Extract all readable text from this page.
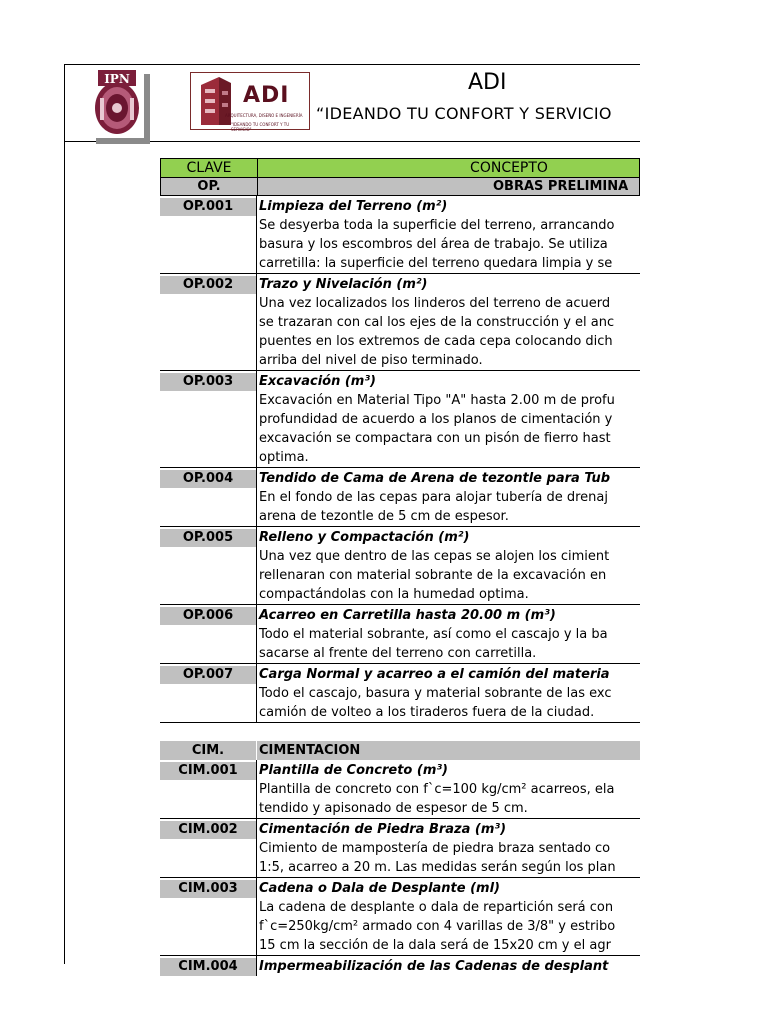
IPN
ADI
ARQUITECTURA, DISEÑO E INGENIERÍA
"IDEANDO TU CONFORT Y TU SERVICIO"
ADI
“IDEANDO TU CONFORT Y SERVICIO
CLAVE	CONCEPTO
OP.	OBRAS PRELIMINA
OP.001	Limpieza del Terreno (m²)
Se desyerba toda la superficie del terreno, arrancando
basura y los escombros del área de trabajo. Se utiliza
carretilla: la superficie del terreno quedara limpia y se
OP.002	Trazo y Nivelación (m²)
Una vez localizados los linderos del terreno de acuerd
se trazaran con cal los ejes de la construcción y el anc
puentes en los extremos de cada cepa colocando dich
arriba del nivel de piso terminado.
OP.003	Excavación (m³)
Excavación en Material Tipo "A" hasta 2.00 m de profu
profundidad de acuerdo a los planos de cimentación y
excavación se compactara con un pisón de fierro hast
optima.
OP.004	Tendido de Cama de Arena de tezontle para Tub
En el fondo de las cepas para alojar tubería de drenaj
arena de tezontle de 5 cm de espesor.
OP.005	Relleno y Compactación (m²)
Una vez que dentro de las cepas se alojen los cimient
rellenaran con material sobrante de la excavación en
compactándolas con la humedad optima.
OP.006	Acarreo en Carretilla hasta 20.00 m (m³)
Todo el material sobrante, así como el cascajo y la ba
sacarse al frente del terreno con carretilla.
OP.007	Carga Normal y acarreo a el camión del materia
Todo el cascajo, basura y material sobrante de las exc
camión de volteo a los tiraderos fuera de la ciudad.
CIM.	CIMENTACION
CIM.001	Plantilla de Concreto (m³)
Plantilla de concreto con f`c=100 kg/cm² acarreos, ela
tendido y apisonado de espesor de 5 cm.
CIM.002	Cimentación de Piedra Braza (m³)
Cimiento de mampostería de piedra braza sentado co
1:5, acarreo a 20 m. Las medidas serán según los plan
CIM.003	Cadena o Dala de Desplante (ml)
La cadena de desplante o dala de repartición será con
f`c=250kg/cm² armado con 4 varillas de 3/8" y estribo
15 cm la sección de la dala será de 15x20 cm y el agr
CIM.004	Impermeabilización de las Cadenas de desplant
